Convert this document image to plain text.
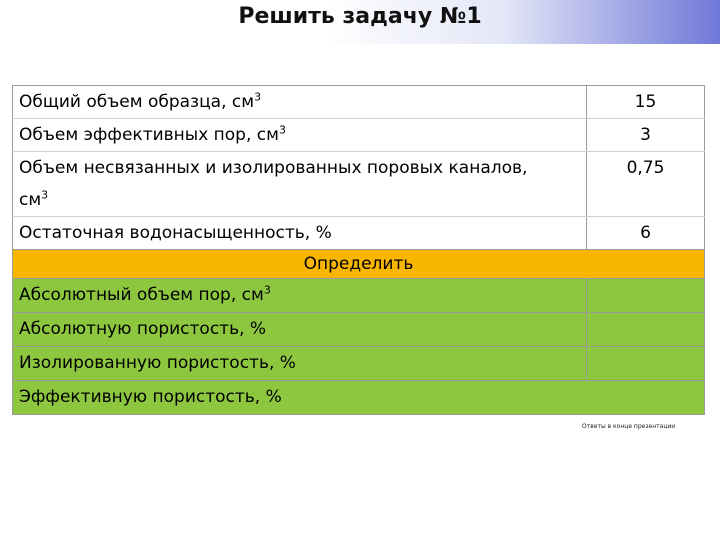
Решить задачу №1
Общий объем образца, $см^3$	15
Объем эффективных пор, $см^3$	3

Объем несвязанных и изолированных поровых каналов, $см^3$	0,75
Остаточная водонасыщенность, %	6
Определить	
Абсолютный объем пор, $см^3$	
Абсолютную пористость, %	
Изолированную пористость, %	
Эффективную пористость, %	
Ответы в конце презентации
